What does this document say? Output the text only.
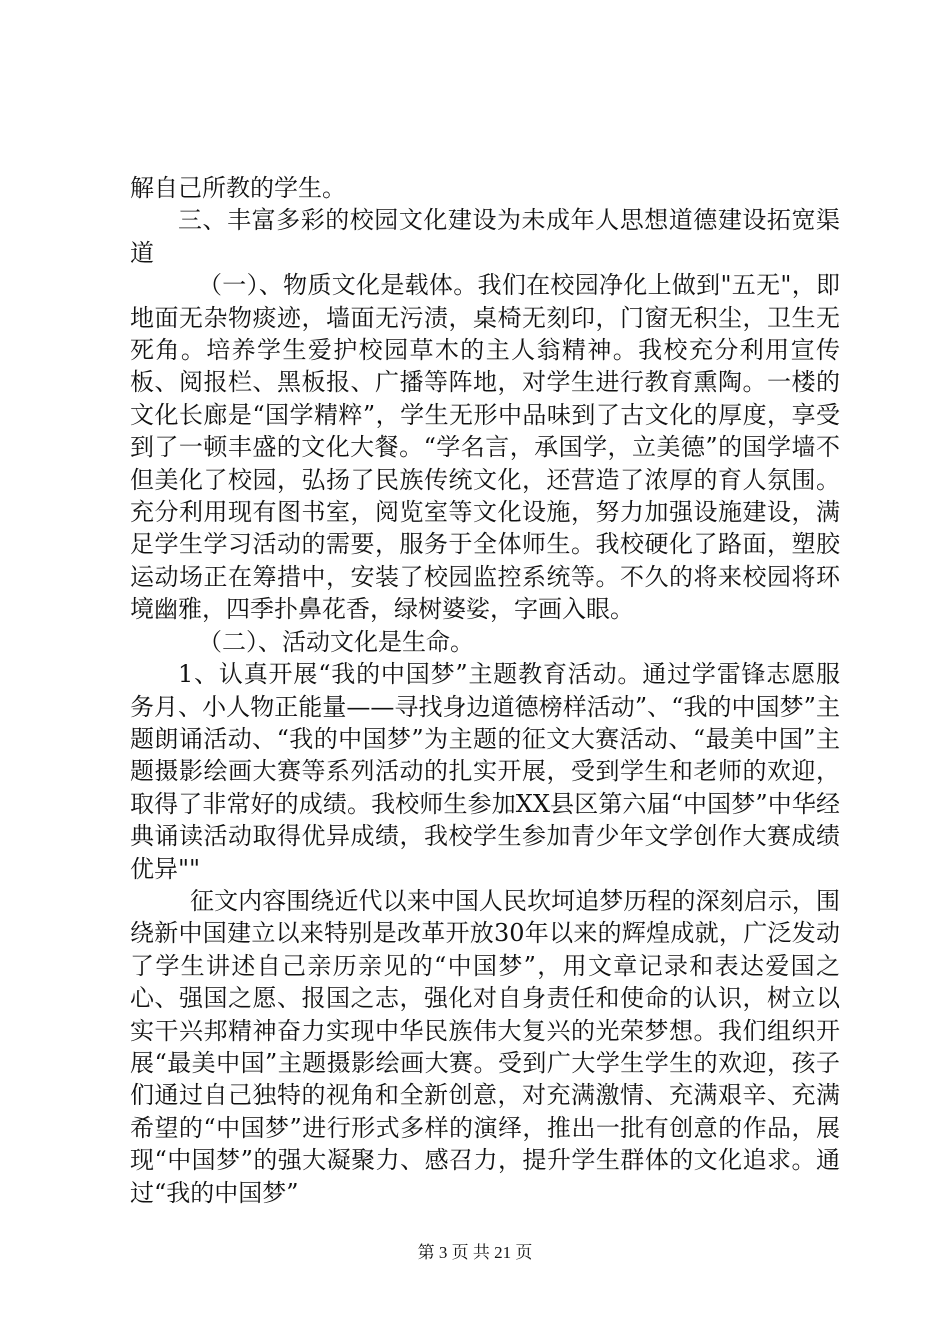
解自己所教的学生。

三、丰富多彩的校园文化建设为未成年人思想道德建设拓宽渠道

（一）、物质文化是载体。我们在校园净化上做到"五无"，即地面无杂物痰迹，墙面无污渍，桌椅无刻印，门窗无积尘，卫生无死角。培养学生爱护校园草木的主人翁精神。我校充分利用宣传板、阅报栏、黑板报、广播等阵地，对学生进行教育熏陶。一楼的文化长廊是“国学精粹”，学生无形中品味到了古文化的厚度，享受到了一顿丰盛的文化大餐。“学名言，承国学，立美德”的国学墙不但美化了校园，弘扬了民族传统文化，还营造了浓厚的育人氛围。充分利用现有图书室，阅览室等文化设施，努力加强设施建设，满足学生学习活动的需要，服务于全体师生。我校硬化了路面，塑胶运动场正在筹措中，安装了校园监控系统等。不久的将来校园将环境幽雅，四季扑鼻花香，绿树婆娑，字画入眼。

（二）、活动文化是生命。

1、认真开展“我的中国梦”主题教育活动。通过学雷锋志愿服务月、小人物正能量——寻找身边道德榜样活动”、“我的中国梦”主题朗诵活动、“我的中国梦”为主题的征文大赛活动、“最美中国”主题摄影绘画大赛等系列活动的扎实开展，受到学生和老师的欢迎，取得了非常好的成绩。我校师生参加XX县区第六届“中国梦”中华经典诵读活动取得优异成绩，我校学生参加青少年文学创作大赛成绩优异""

征文内容围绕近代以来中国人民坎坷追梦历程的深刻启示，围绕新中国建立以来特别是改革开放30年以来的辉煌成就，广泛发动了学生讲述自己亲历亲见的“中国梦”，用文章记录和表达爱国之心、强国之愿、报国之志，强化对自身责任和使命的认识，树立以实干兴邦精神奋力实现中华民族伟大复兴的光荣梦想。我们组织开展“最美中国”主题摄影绘画大赛。受到广大学生学生的欢迎，孩子们通过自己独特的视角和全新创意，对充满激情、充满艰辛、充满希望的“中国梦”进行形式多样的演绎，推出一批有创意的作品，展现“中国梦”的强大凝聚力、感召力，提升学生群体的文化追求。通过“我的中国梦”

第 3 页 共 21 页
